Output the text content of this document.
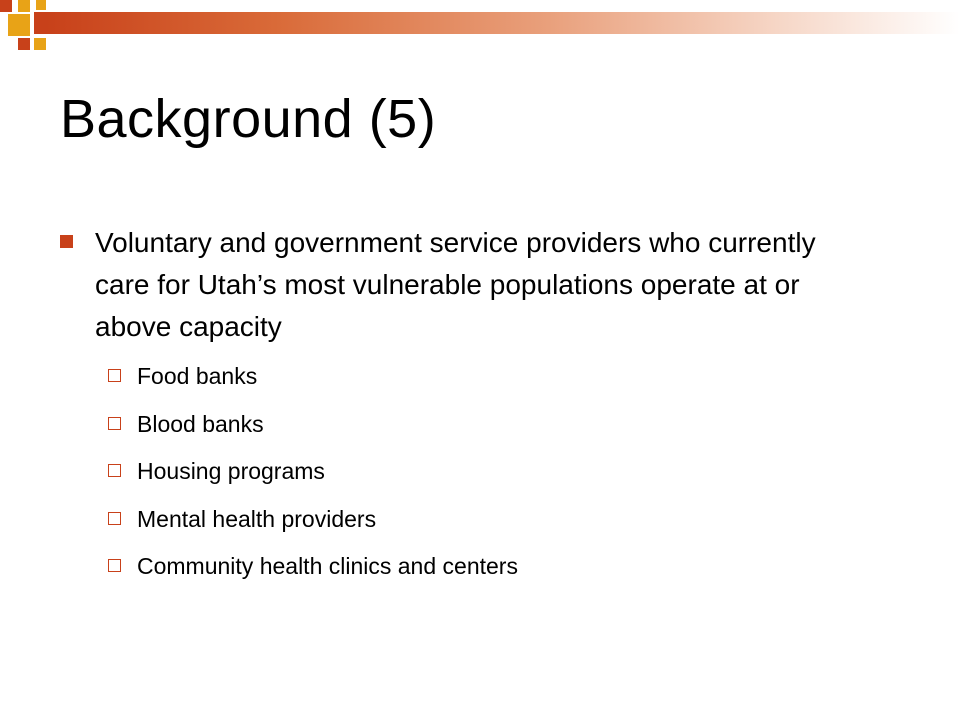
Background (5)
Voluntary and government service providers who currently care for Utah’s most vulnerable populations operate at or above capacity
Food banks
Blood banks
Housing programs
Mental health providers
Community health clinics and centers
